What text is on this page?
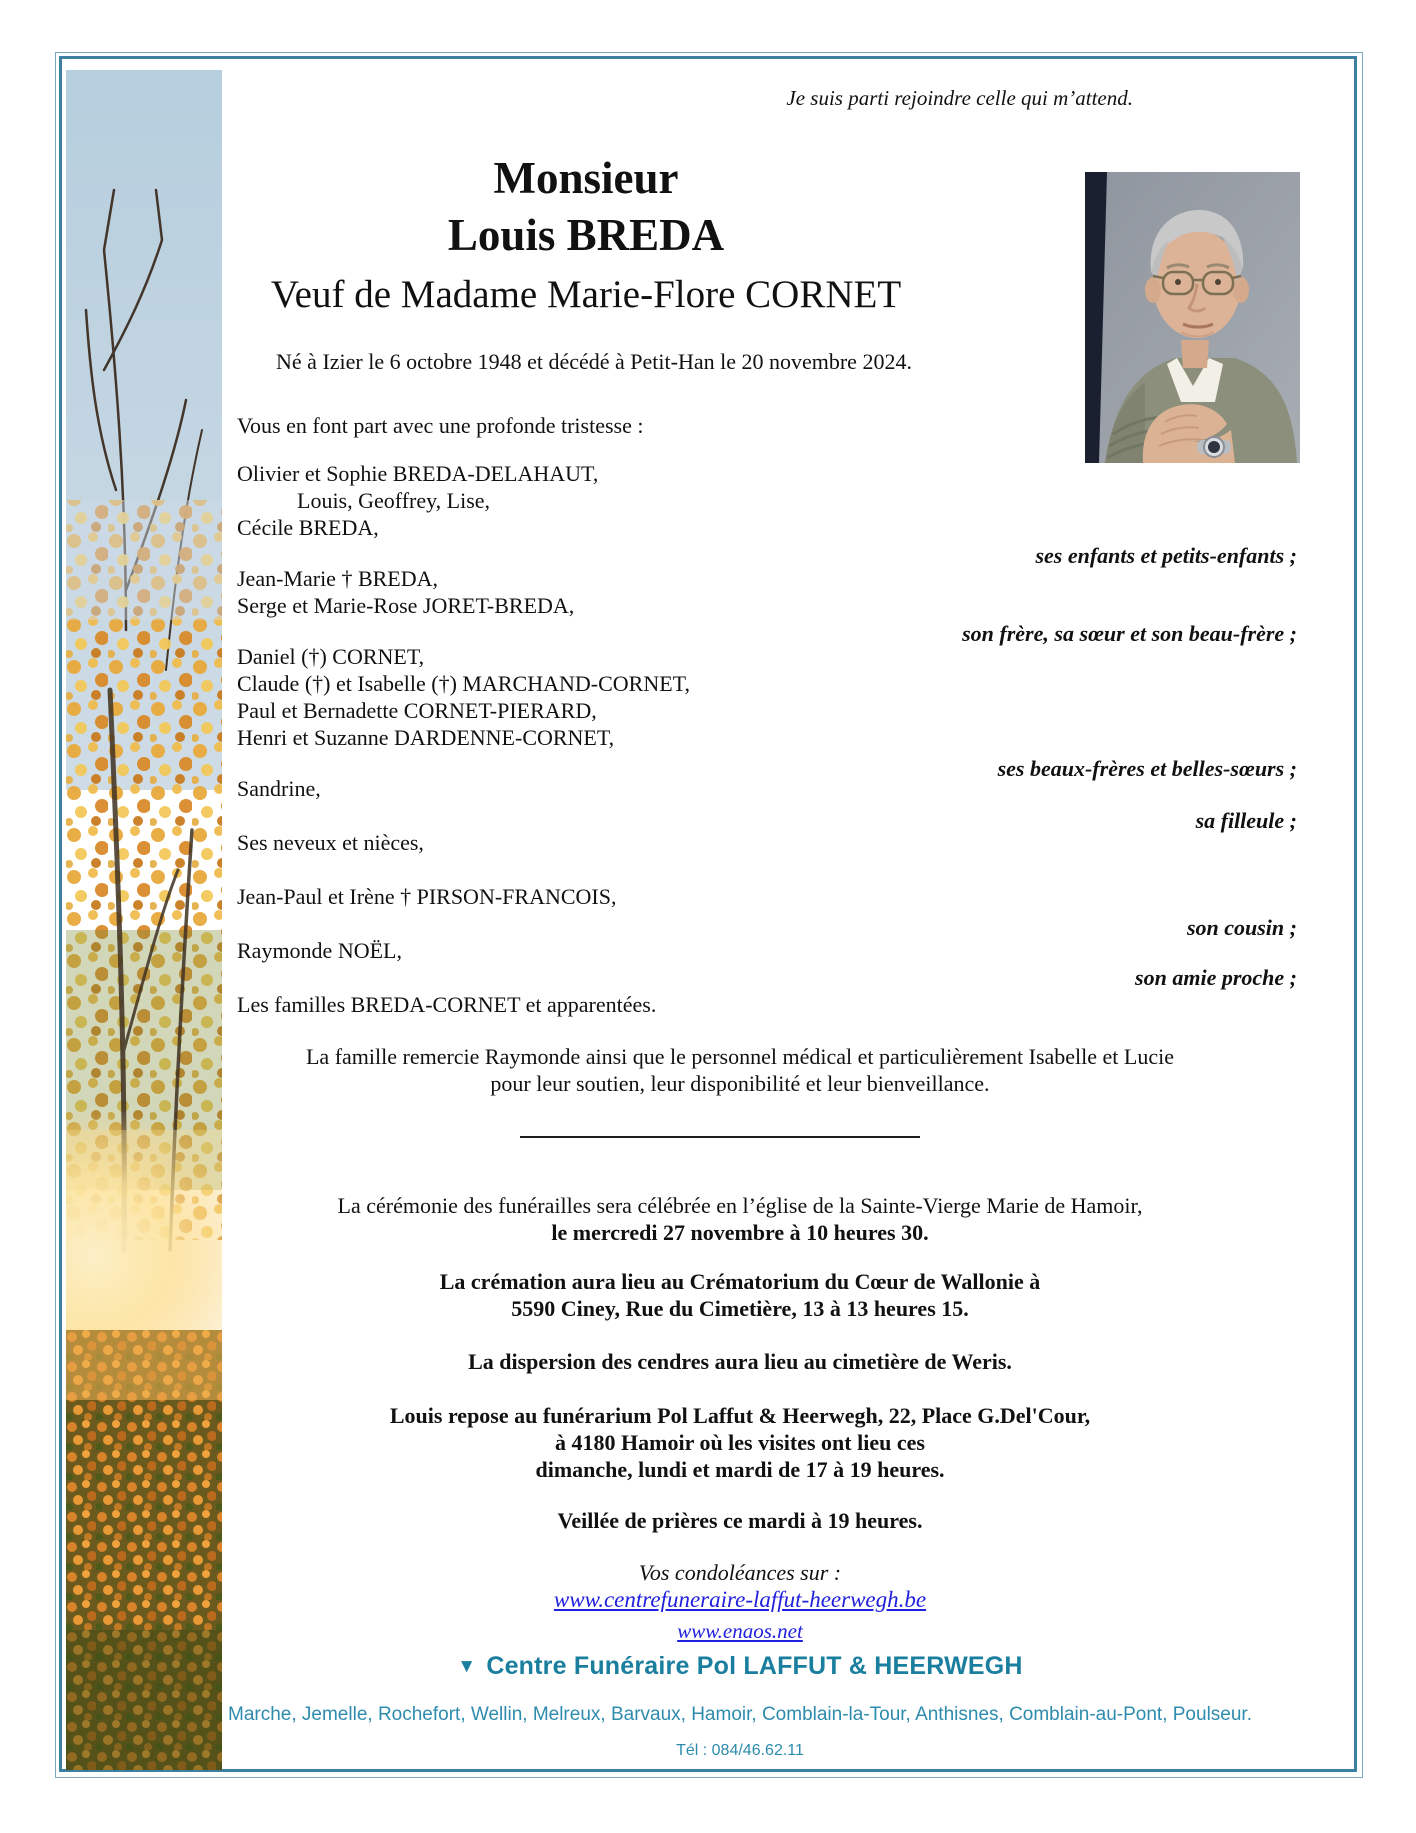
Je suis parti rejoindre celle qui m’attend.
Monsieur
Louis BREDA
Veuf de Madame Marie-Flore CORNET
Né à Izier le 6 octobre 1948 et décédé à Petit-Han le 20 novembre 2024.
Vous en font part avec une profonde tristesse :
Olivier et Sophie BREDA-DELAHAUT,
Louis, Geoffrey, Lise,
Cécile BREDA,
ses enfants et petits-enfants ;
Jean-Marie † BREDA,
Serge et Marie-Rose JORET-BREDA,
son frère, sa sœur et son beau-frère ;
Daniel (†) CORNET,
Claude (†) et Isabelle (†) MARCHAND-CORNET,
Paul et Bernadette CORNET-PIERARD,
Henri et Suzanne DARDENNE-CORNET,
ses beaux-frères et belles-sœurs ;
Sandrine,
sa filleule ;
Ses neveux et nièces,
Jean-Paul et Irène † PIRSON-FRANCOIS,
son cousin ;
Raymonde NOËL,
son amie proche ;
Les familles BREDA-CORNET et apparentées.
La famille remercie Raymonde ainsi que le personnel médical et particulièrement Isabelle et Lucie
pour leur soutien, leur disponibilité et leur bienveillance.
La cérémonie des funérailles sera célébrée en l’église de la Sainte-Vierge Marie de Hamoir,
le mercredi 27 novembre à 10 heures 30.
La crémation aura lieu au Crématorium du Cœur de Wallonie à
5590 Ciney, Rue du Cimetière, 13 à 13 heures 15.
La dispersion des cendres aura lieu au cimetière de Weris.
Louis repose au funérarium Pol Laffut & Heerwegh, 22, Place G.Del'Cour,
à 4180 Hamoir où les visites ont lieu ces
dimanche, lundi et mardi de 17 à 19 heures.
Veillée de prières ce mardi à 19 heures.
Vos condoléances sur :
www.centrefuneraire-laffut-heerwegh.be
www.enaos.net
▼ Centre Funéraire Pol LAFFUT & HEERWEGH
Marche, Jemelle, Rochefort, Wellin, Melreux, Barvaux, Hamoir, Comblain-la-Tour, Anthisnes, Comblain-au-Pont, Poulseur.
Tél : 084/46.62.11
